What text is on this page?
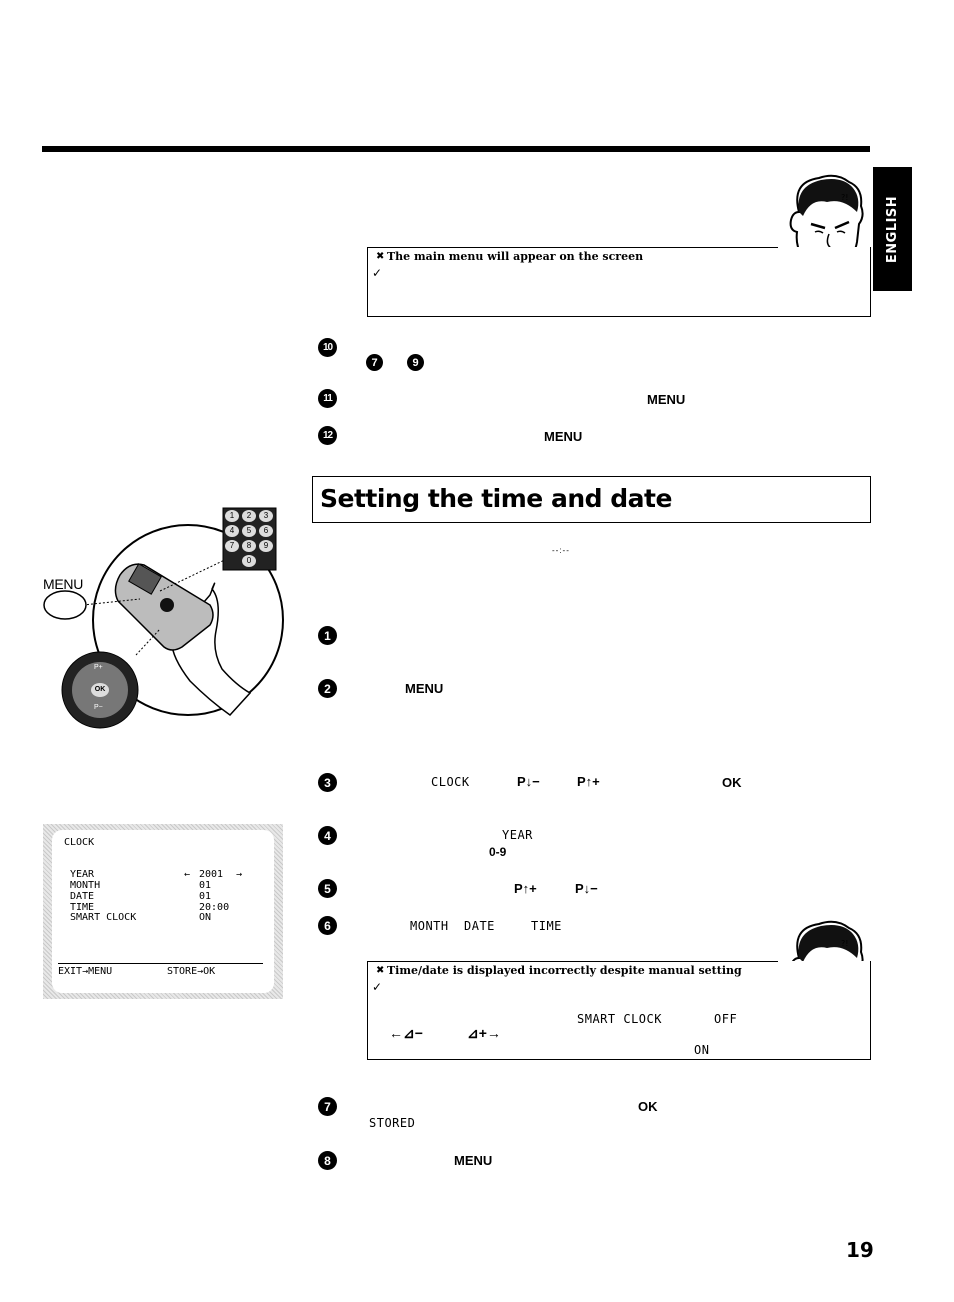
ENGLISH
?!
✖ The main menu will appear on the screen
✓
10
7	9
11	MENU
12	MENU
Setting the time and date
--:--
MENU
1	2	3
4	5	6
7	8	9
0
OK
P+
P−
1
2	MENU
3	CLOCK	P↓−	P↑+	OK
4	YEAR
0-9
5	P↑+	P↓−
6	MONTH DATE	TIME
?!
✖ Time/date is displayed incorrectly despite manual setting
✓
SMART CLOCK	OFF
←⊿−	⊿+→
ON
CLOCK
YEAR	← 2001 →
MONTH	01
DATE	01
TIME	20:00
SMART CLOCK	ON
EXIT→MENU	STORE→OK
7	OK
STORED
8	MENU
19
